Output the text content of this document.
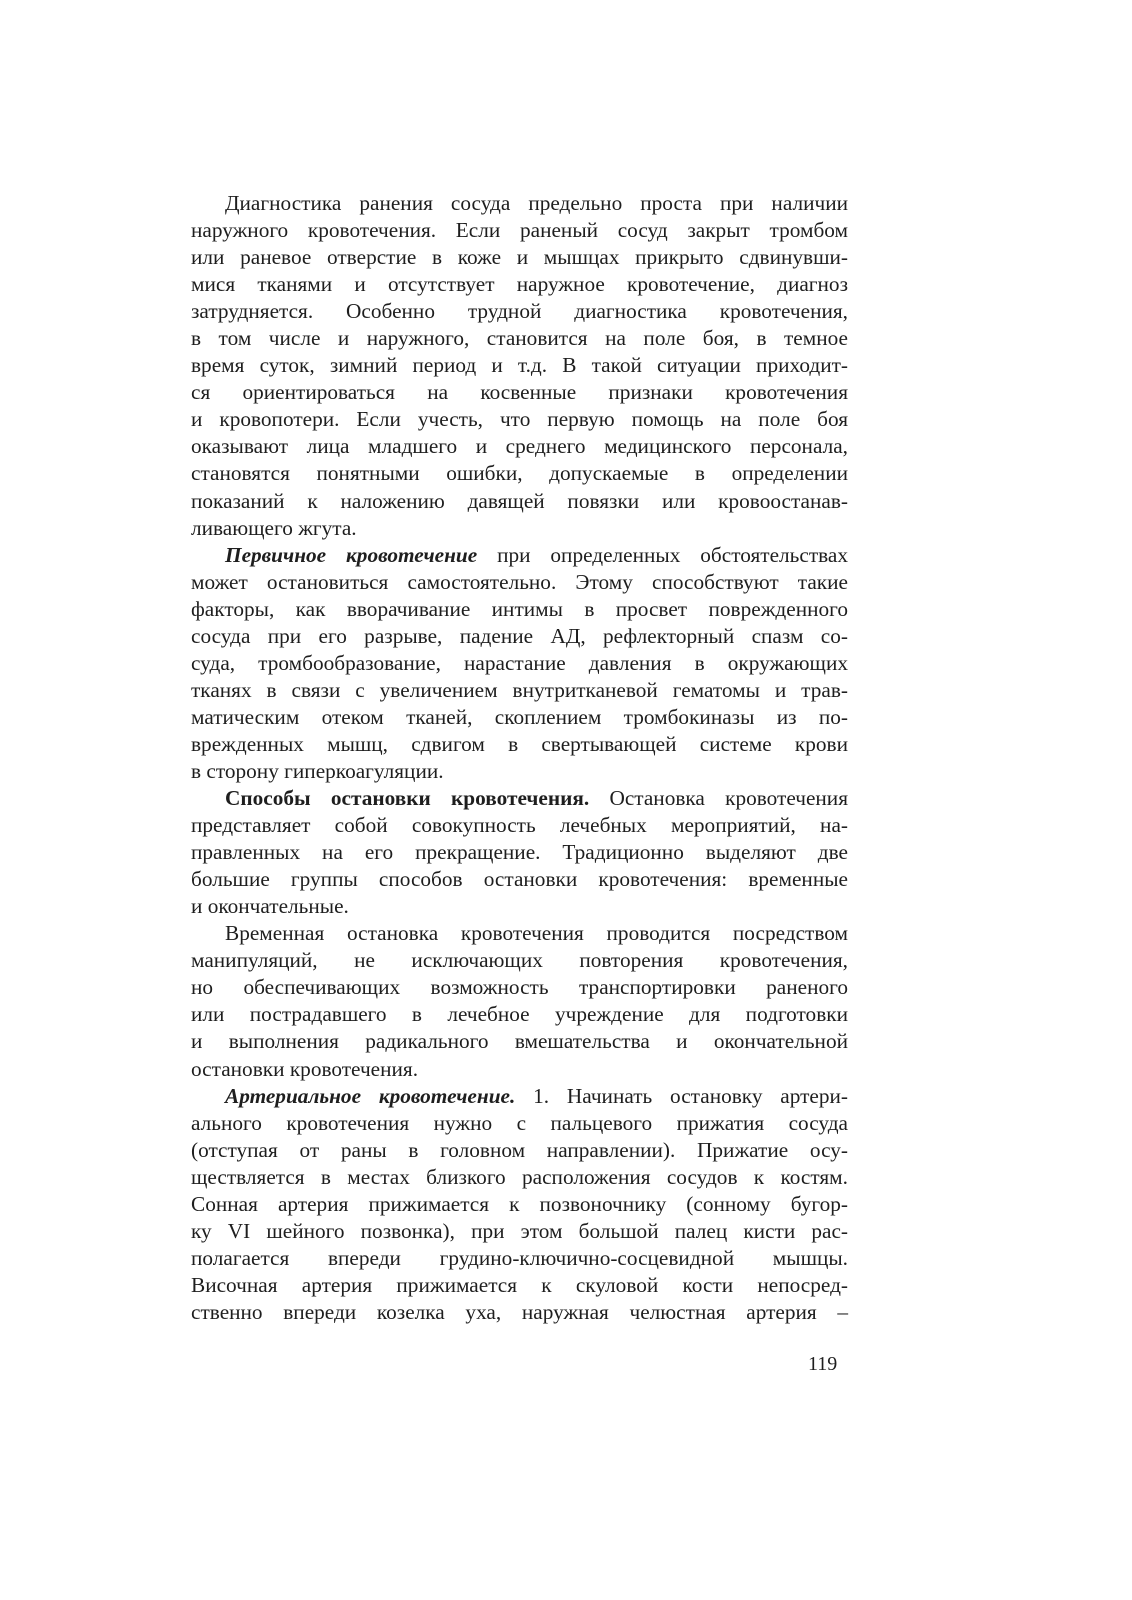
Диагностика ранения сосуда предельно проста при наличии
наружного кровотечения. Если раненый сосуд закрыт тромбом
или раневое отверстие в коже и мышцах прикрыто сдвинувши-
мися тканями и отсутствует наружное кровотечение, диагноз
затрудняется. Особенно трудной диагностика кровотечения,
в том числе и наружного, становится на поле боя, в темное
время суток, зимний период и т.д. В такой ситуации приходит-
ся ориентироваться на косвенные признаки кровотечения
и кровопотери. Если учесть, что первую помощь на поле боя
оказывают лица младшего и среднего медицинского персонала,
становятся понятными ошибки, допускаемые в определении
показаний к наложению давящей повязки или кровоостанав-
ливающего жгута.
Первичное кровотечение при определенных обстоятельствах
может остановиться самостоятельно. Этому способствуют такие
факторы, как вворачивание интимы в просвет поврежденного
сосуда при его разрыве, падение АД, рефлекторный спазм со-
суда, тромбообразование, нарастание давления в окружающих
тканях в связи с увеличением внутритканевой гематомы и трав-
матическим отеком тканей, скоплением тромбокиназы из по-
врежденных мышц, сдвигом в свертывающей системе крови
в сторону гиперкоагуляции.
Способы остановки кровотечения. Остановка кровотечения
представляет собой совокупность лечебных мероприятий, на-
правленных на его прекращение. Традиционно выделяют две
большие группы способов остановки кровотечения: временные
и окончательные.
Временная остановка кровотечения проводится посредством
манипуляций, не исключающих повторения кровотечения,
но обеспечивающих возможность транспортировки раненого
или пострадавшего в лечебное учреждение для подготовки
и выполнения радикального вмешательства и окончательной
остановки кровотечения.
Артериальное кровотечение. 1. Начинать остановку артери-
ального кровотечения нужно с пальцевого прижатия сосуда
(отступая от раны в головном направлении). Прижатие осу-
ществляется в местах близкого расположения сосудов к костям.
Сонная артерия прижимается к позвоночнику (сонному бугор-
ку VI шейного позвонка), при этом большой палец кисти рас-
полагается впереди грудино-ключично-сосцевидной мышцы.
Височная артерия прижимается к скуловой кости непосред-
ственно впереди козелка уха, наружная челюстная артерия –
119
